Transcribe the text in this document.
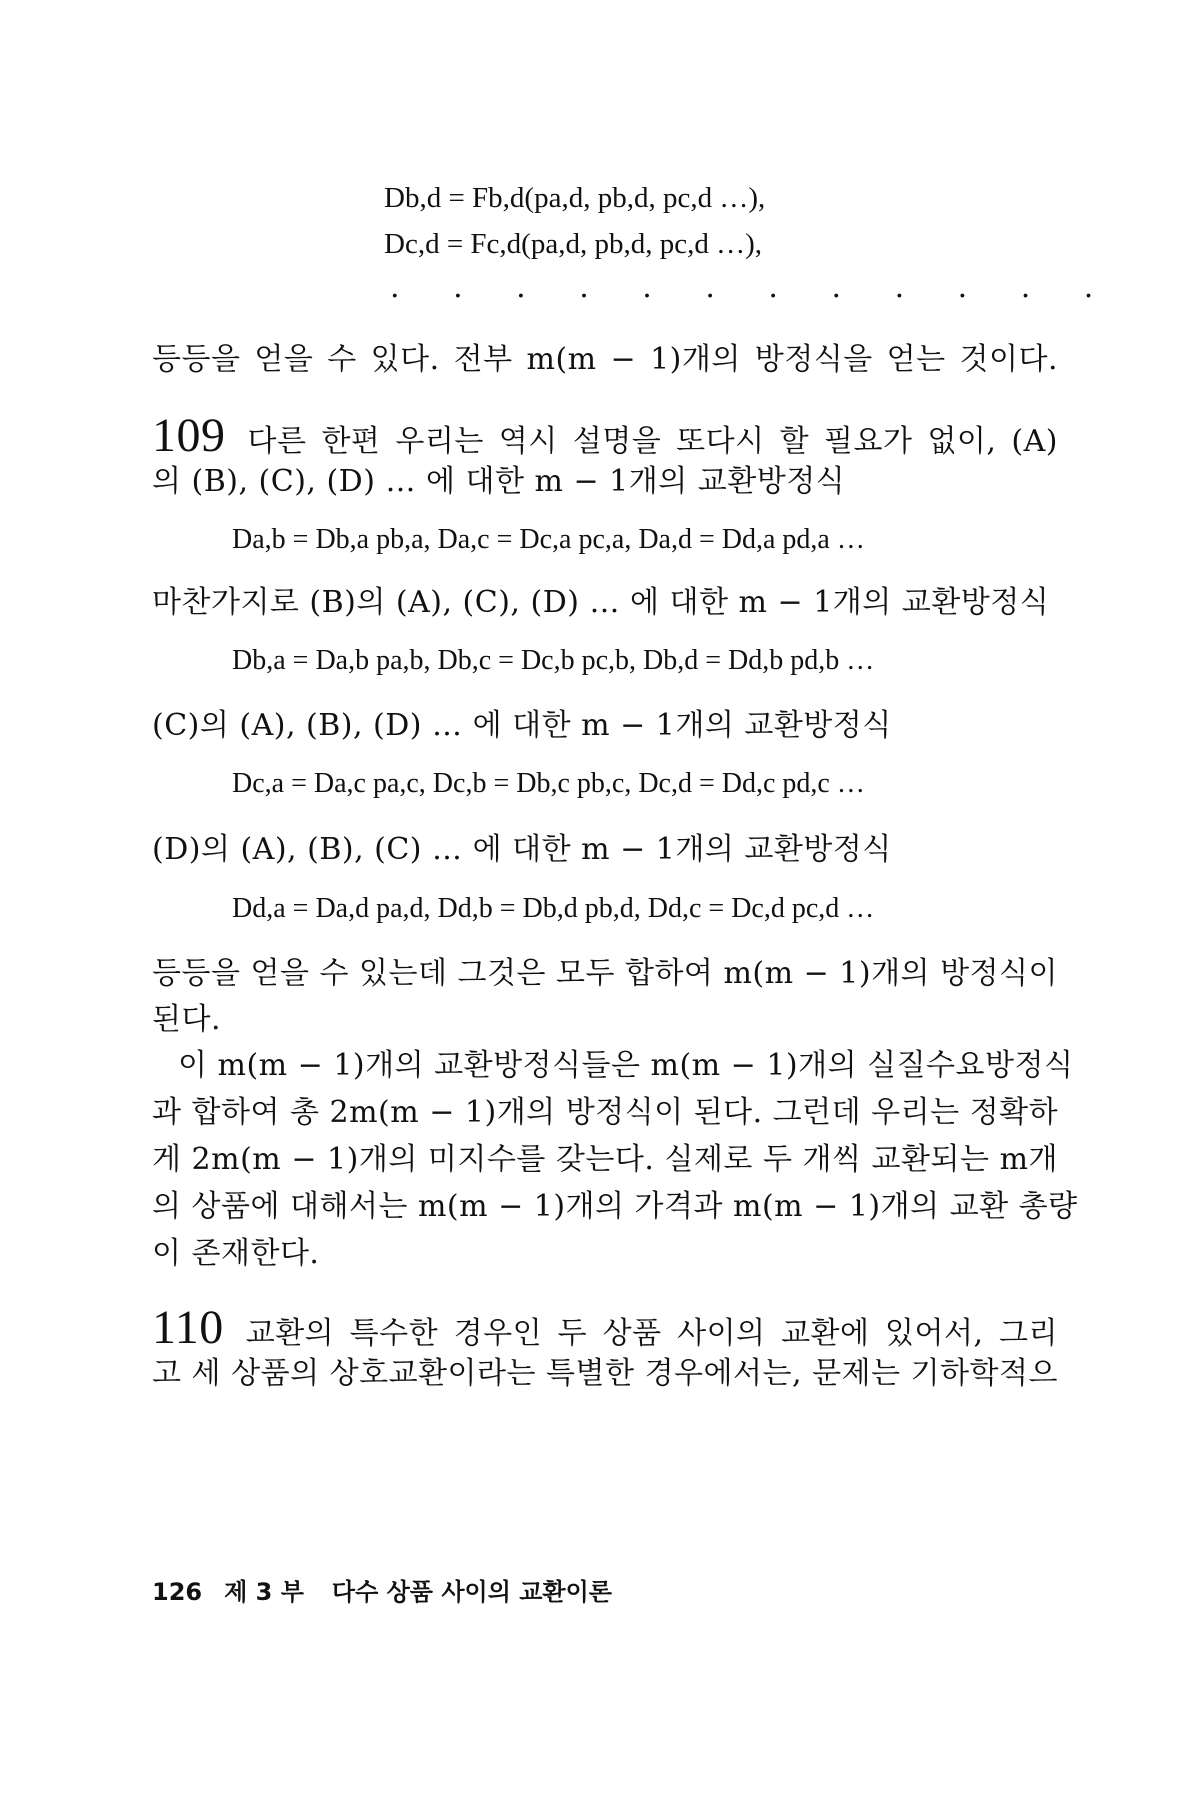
Db,d = Fb,d(pa,d, pb,d, pc,d …),
Dc,d = Fc,d(pa,d, pb,d, pc,d …),
. . . . . . . . . . . .
등등을 얻을 수 있다. 전부 m(m − 1)개의 방정식을 얻는 것이다.
109 다른 한편 우리는 역시 설명을 또다시 할 필요가 없이, (A)
의 (B), (C), (D) … 에 대한 m − 1개의 교환방정식
Da,b = Db,a pb,a, Da,c = Dc,a pc,a, Da,d = Dd,a pd,a …
마찬가지로 (B)의 (A), (C), (D) … 에 대한 m − 1개의 교환방정식
Db,a = Da,b pa,b, Db,c = Dc,b pc,b, Db,d = Dd,b pd,b …
(C)의 (A), (B), (D) … 에 대한 m − 1개의 교환방정식
Dc,a = Da,c pa,c, Dc,b = Db,c pb,c, Dc,d = Dd,c pd,c …
(D)의 (A), (B), (C) … 에 대한 m − 1개의 교환방정식
Dd,a = Da,d pa,d, Dd,b = Db,d pb,d, Dd,c = Dc,d pc,d …
등등을 얻을 수 있는데 그것은 모두 합하여 m(m − 1)개의 방정식이
된다.
이 m(m − 1)개의 교환방정식들은 m(m − 1)개의 실질수요방정식
과 합하여 총 2m(m − 1)개의 방정식이 된다. 그런데 우리는 정확하
게 2m(m − 1)개의 미지수를 갖는다. 실제로 두 개씩 교환되는 m개
의 상품에 대해서는 m(m − 1)개의 가격과 m(m − 1)개의 교환 총량
이 존재한다.
110 교환의 특수한 경우인 두 상품 사이의 교환에 있어서, 그리
고 세 상품의 상호교환이라는 특별한 경우에서는, 문제는 기하학적으
126 제 3 부 다수 상품 사이의 교환이론
